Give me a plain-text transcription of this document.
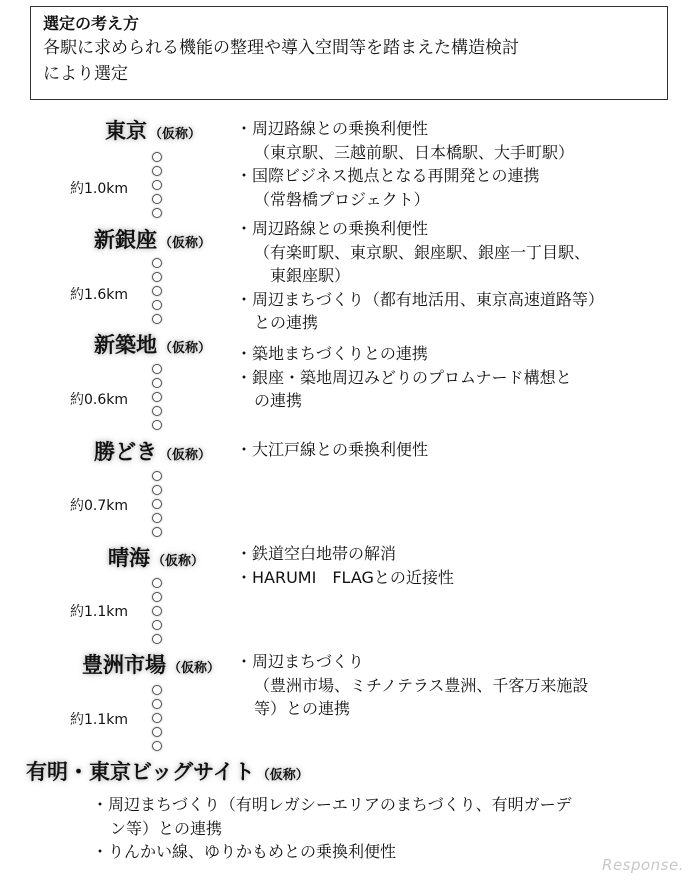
選定の考え方
各駅に求められる機能の整理や導入空間等を踏まえた構造検討
により選定
東京 （仮称）
新銀座 （仮称）
新築地 （仮称）
勝どき （仮称）
晴海 （仮称）
豊洲市場 （仮称）
有明・東京ビッグサイト （仮称）
約1.0km
約1.6km
約0.6km
約0.7km
約1.1km
約1.1km
・周辺路線との乗換利便性
（東京駅、三越前駅、日本橋駅、大手町駅）
・国際ビジネス拠点となる再開発との連携
（常磐橋プロジェクト）
・周辺路線との乗換利便性
（有楽町駅、東京駅、銀座駅、銀座一丁目駅、
東銀座駅）
・周辺まちづくり（都有地活用、東京高速道路等）
との連携
・築地まちづくりとの連携
・銀座・築地周辺みどりのプロムナード構想と
の連携
・大江戸線との乗換利便性
・鉄道空白地帯の解消
・HARUMI　FLAGとの近接性
・周辺まちづくり
（豊洲市場、ミチノテラス豊洲、千客万来施設
等）との連携
・周辺まちづくり（有明レガシーエリアのまちづくり、有明ガーデ
ン等）との連携
・りんかい線、ゆりかもめとの乗換利便性
Response.
